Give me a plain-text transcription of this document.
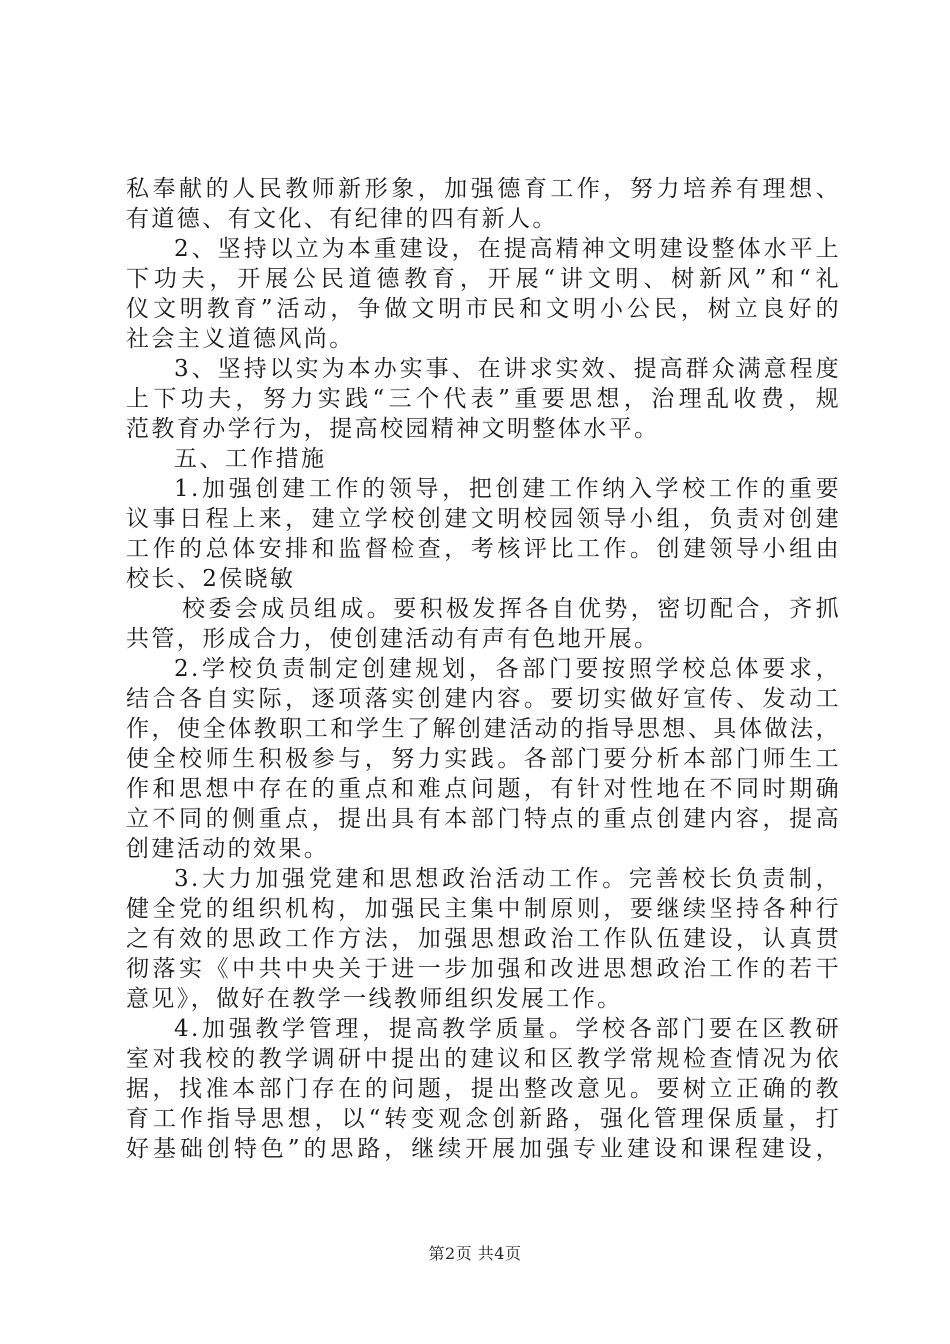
私奉献的人民教师新形象，加强德育工作，努力培养有理想、
有道德、有文化、有纪律的四有新人。
2、坚持以立为本重建设，在提高精神文明建设整体水平上
下功夫，开展公民道德教育，开展“讲文明、树新风”和“礼
仪文明教育”活动，争做文明市民和文明小公民，树立良好的
社会主义道德风尚。
3、坚持以实为本办实事、在讲求实效、提高群众满意程度
上下功夫，努力实践“三个代表”重要思想，治理乱收费，规
范教育办学行为，提高校园精神文明整体水平。
五、工作措施
1.加强创建工作的领导，把创建工作纳入学校工作的重要
议事日程上来，建立学校创建文明校园领导小组，负责对创建
工作的总体安排和监督检查，考核评比工作。创建领导小组由
校长、2侯晓敏
校委会成员组成。要积极发挥各自优势，密切配合，齐抓
共管，形成合力，使创建活动有声有色地开展。
2.学校负责制定创建规划，各部门要按照学校总体要求，
结合各自实际，逐项落实创建内容。要切实做好宣传、发动工
作，使全体教职工和学生了解创建活动的指导思想、具体做法，
使全校师生积极参与，努力实践。各部门要分析本部门师生工
作和思想中存在的重点和难点问题，有针对性地在不同时期确
立不同的侧重点，提出具有本部门特点的重点创建内容，提高
创建活动的效果。
3.大力加强党建和思想政治活动工作。完善校长负责制，
健全党的组织机构，加强民主集中制原则，要继续坚持各种行
之有效的思政工作方法，加强思想政治工作队伍建设，认真贯
彻落实《中共中央关于进一步加强和改进思想政治工作的若干
意见》，做好在教学一线教师组织发展工作。
4.加强教学管理，提高教学质量。学校各部门要在区教研
室对我校的教学调研中提出的建议和区教学常规检查情况为依
据，找准本部门存在的问题，提出整改意见。要树立正确的教
育工作指导思想，以“转变观念创新路，强化管理保质量，打
好基础创特色”的思路，继续开展加强专业建设和课程建设，
第2页 共4页
